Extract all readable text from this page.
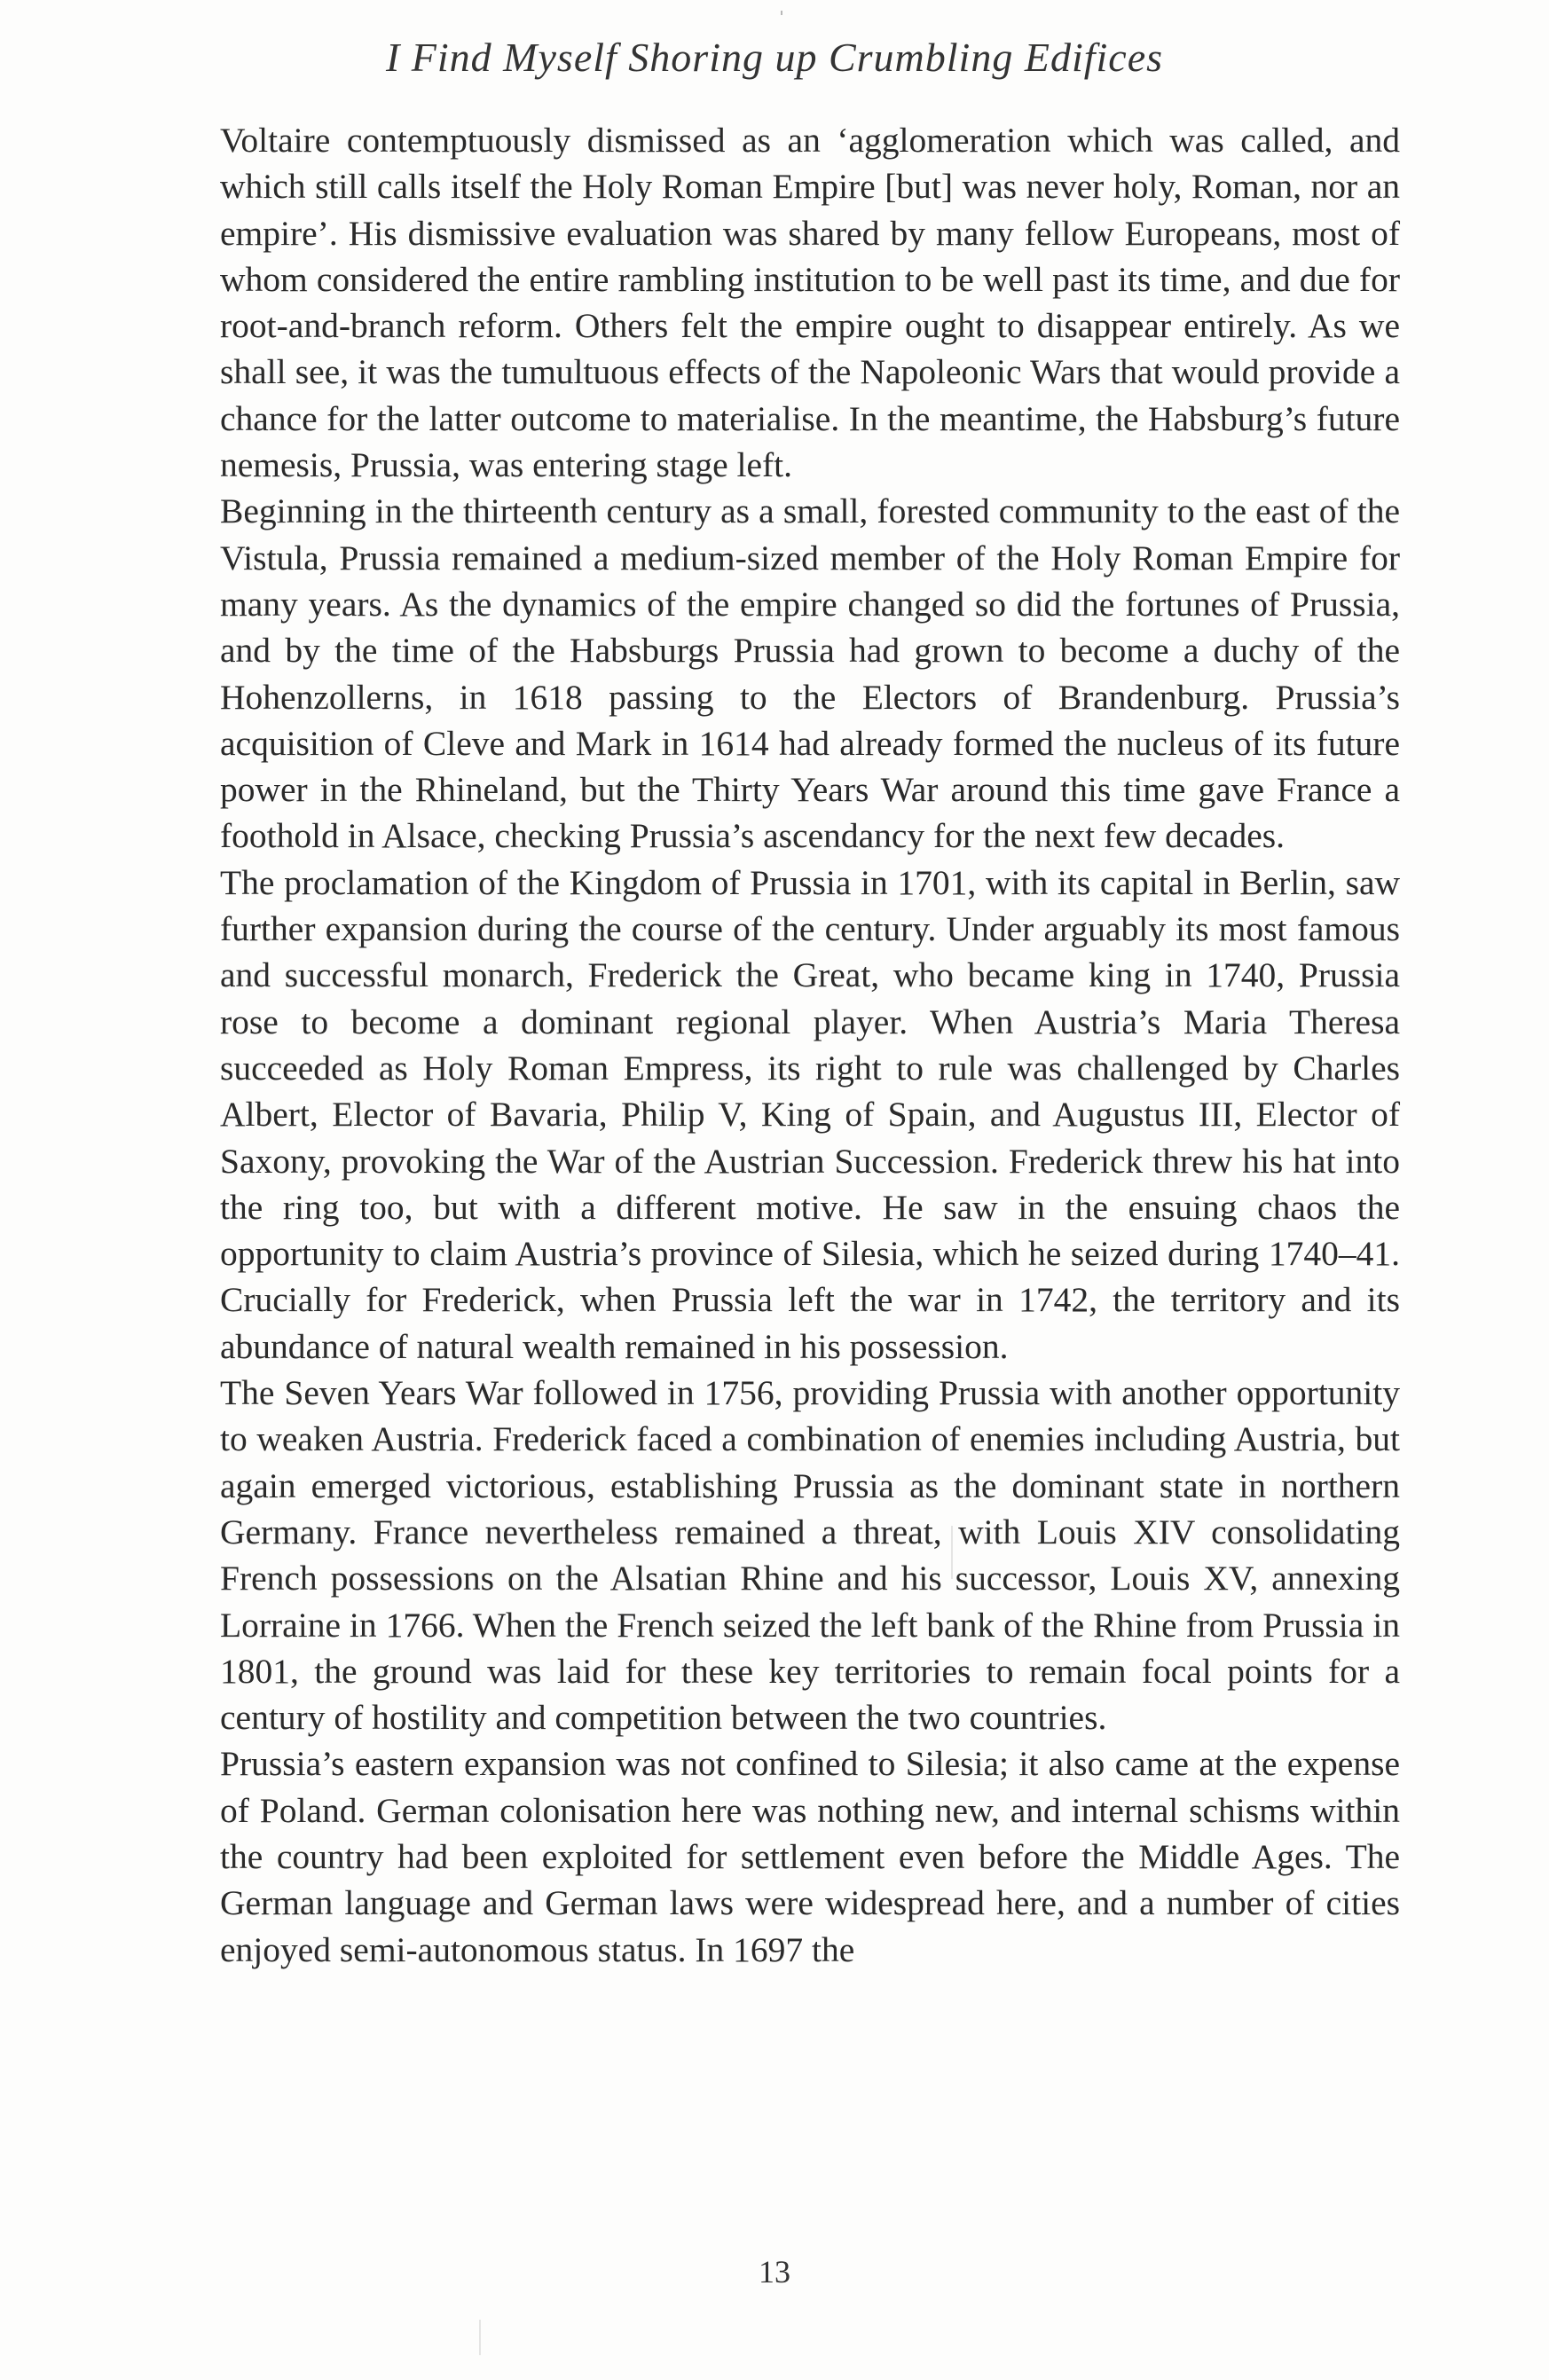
I Find Myself Shoring up Crumbling Edifices

Voltaire contemptuously dismissed as an ‘agglomeration which was called, and which still calls itself the Holy Roman Empire [but] was never holy, Roman, nor an empire’. His dismissive evaluation was shared by many fellow Europeans, most of whom considered the entire rambling institution to be well past its time, and due for root-and-branch reform. Others felt the empire ought to disappear entirely. As we shall see, it was the tumultuous effects of the Napoleonic Wars that would provide a chance for the latter outcome to materialise. In the meantime, the Habsburg’s future nemesis, Prussia, was entering stage left.

Beginning in the thirteenth century as a small, forested community to the east of the Vistula, Prussia remained a medium-sized member of the Holy Roman Empire for many years. As the dynamics of the empire changed so did the fortunes of Prussia, and by the time of the Habsburgs Prussia had grown to become a duchy of the Hohenzollerns, in 1618 passing to the Electors of Brandenburg. Prussia’s acquisition of Cleve and Mark in 1614 had already formed the nucleus of its future power in the Rhineland, but the Thirty Years War around this time gave France a foothold in Alsace, checking Prussia’s ascendancy for the next few decades.

The proclamation of the Kingdom of Prussia in 1701, with its capital in Berlin, saw further expansion during the course of the century. Under arguably its most famous and successful monarch, Frederick the Great, who became king in 1740, Prussia rose to become a dominant regional player. When Austria’s Maria Theresa succeeded as Holy Roman Empress, its right to rule was challenged by Charles Albert, Elector of Bavaria, Philip V, King of Spain, and Augustus III, Elector of Saxony, provoking the War of the Austrian Succession. Frederick threw his hat into the ring too, but with a different motive. He saw in the ensuing chaos the opportunity to claim Austria’s province of Silesia, which he seized during 1740–41. Crucially for Frederick, when Prussia left the war in 1742, the territory and its abundance of natural wealth remained in his possession.

The Seven Years War followed in 1756, providing Prussia with another opportunity to weaken Austria. Frederick faced a combination of enemies including Austria, but again emerged victorious, establishing Prussia as the dominant state in northern Germany. France nevertheless remained a threat, with Louis XIV consolidating French possessions on the Alsatian Rhine and his successor, Louis XV, annexing Lorraine in 1766. When the French seized the left bank of the Rhine from Prussia in 1801, the ground was laid for these key territories to remain focal points for a century of hostility and competition between the two countries.

Prussia’s eastern expansion was not confined to Silesia; it also came at the expense of Poland. German colonisation here was nothing new, and internal schisms within the country had been exploited for settlement even before the Middle Ages. The German language and German laws were widespread here, and a number of cities enjoyed semi-autonomous status. In 1697 the

13
